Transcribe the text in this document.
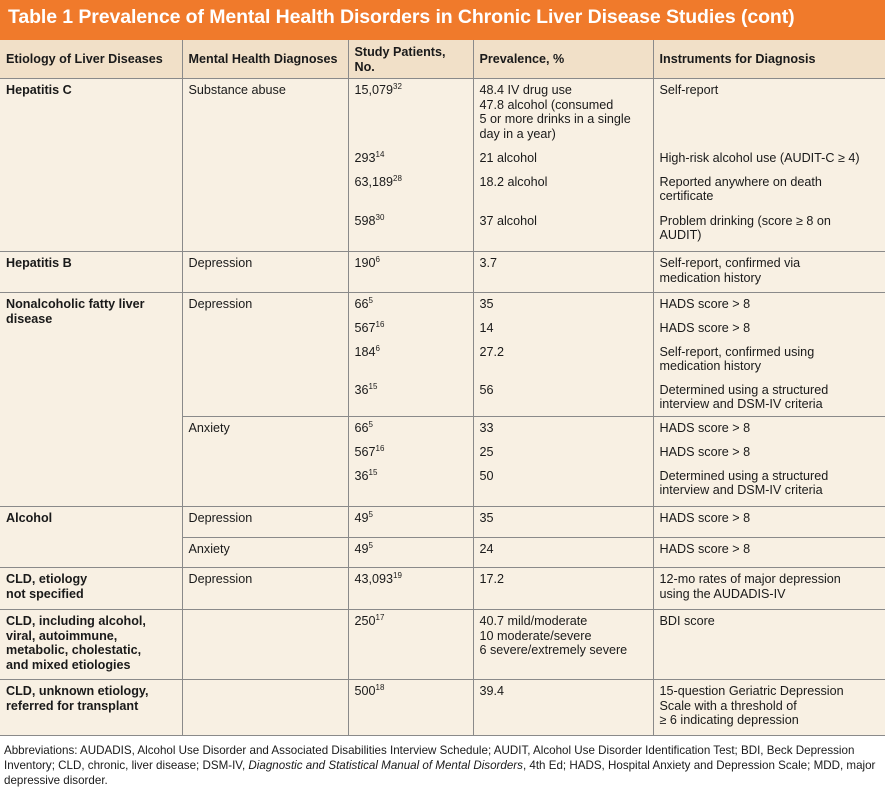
Table 1 Prevalence of Mental Health Disorders in Chronic Liver Disease Studies (cont)
Etiology of Liver Diseases	Mental Health Diagnoses	Study Patients, No.	Prevalence, %	Instruments for Diagnosis
Hepatitis C	Substance abuse	15,079$^{32}$	48.4 IV drug use
47.8 alcohol (consumed
5 or more drinks in a single
day in a year)	Self-report
		$293^{14}$	21 alcohol	High-risk alcohol use (AUDIT-C ≥ 4)
		63,189$^{28}$	18.2 alcohol	Reported anywhere on death
certificate
		$598^{30}$	37 alcohol	Problem drinking (score ≥ 8 on
AUDIT)
Hepatitis B	Depression	$190^6$	3.7	Self-report, confirmed via
medication history
Nonalcoholic fatty liver
disease	Depression	$66^5$	35	HADS score > 8
		$567^{16}$	14	HADS score > 8
		$184^6$	27.2	Self-report, confirmed using
medication history
		$36^{15}$	56	Determined using a structured
interview and DSM-IV criteria
	Anxiety	$66^5$	33	HADS score > 8
		$567^{16}$	25	HADS score > 8
		$36^{15}$	50	Determined using a structured
interview and DSM-IV criteria
Alcohol	Depression	$49^5$	35	HADS score > 8
	Anxiety	$49^5$	24	HADS score > 8
CLD, etiology
not specified	Depression	43,093$^{19}$	17.2	12-mo rates of major depression
using the AUDADIS-IV
CLD, including alcohol,
viral, autoimmune,
metabolic, cholestatic,
and mixed etiologies		$250^{17}$	40.7 mild/moderate
10 moderate/severe
6 severe/extremely severe	BDI score
CLD, unknown etiology,
referred for transplant		$500^{18}$	39.4	15-question Geriatric Depression
Scale with a threshold of
≥ 6 indicating depression
Abbreviations: AUDADIS, Alcohol Use Disorder and Associated Disabilities Interview Schedule; AUDIT, Alcohol Use Disorder Identification Test; BDI, Beck Depression Inventory; CLD, chronic, liver disease; DSM-IV, Diagnostic and Statistical Manual of Mental Disorders, 4th Ed; HADS, Hospital Anxiety and Depression Scale; MDD, major depressive disorder.
